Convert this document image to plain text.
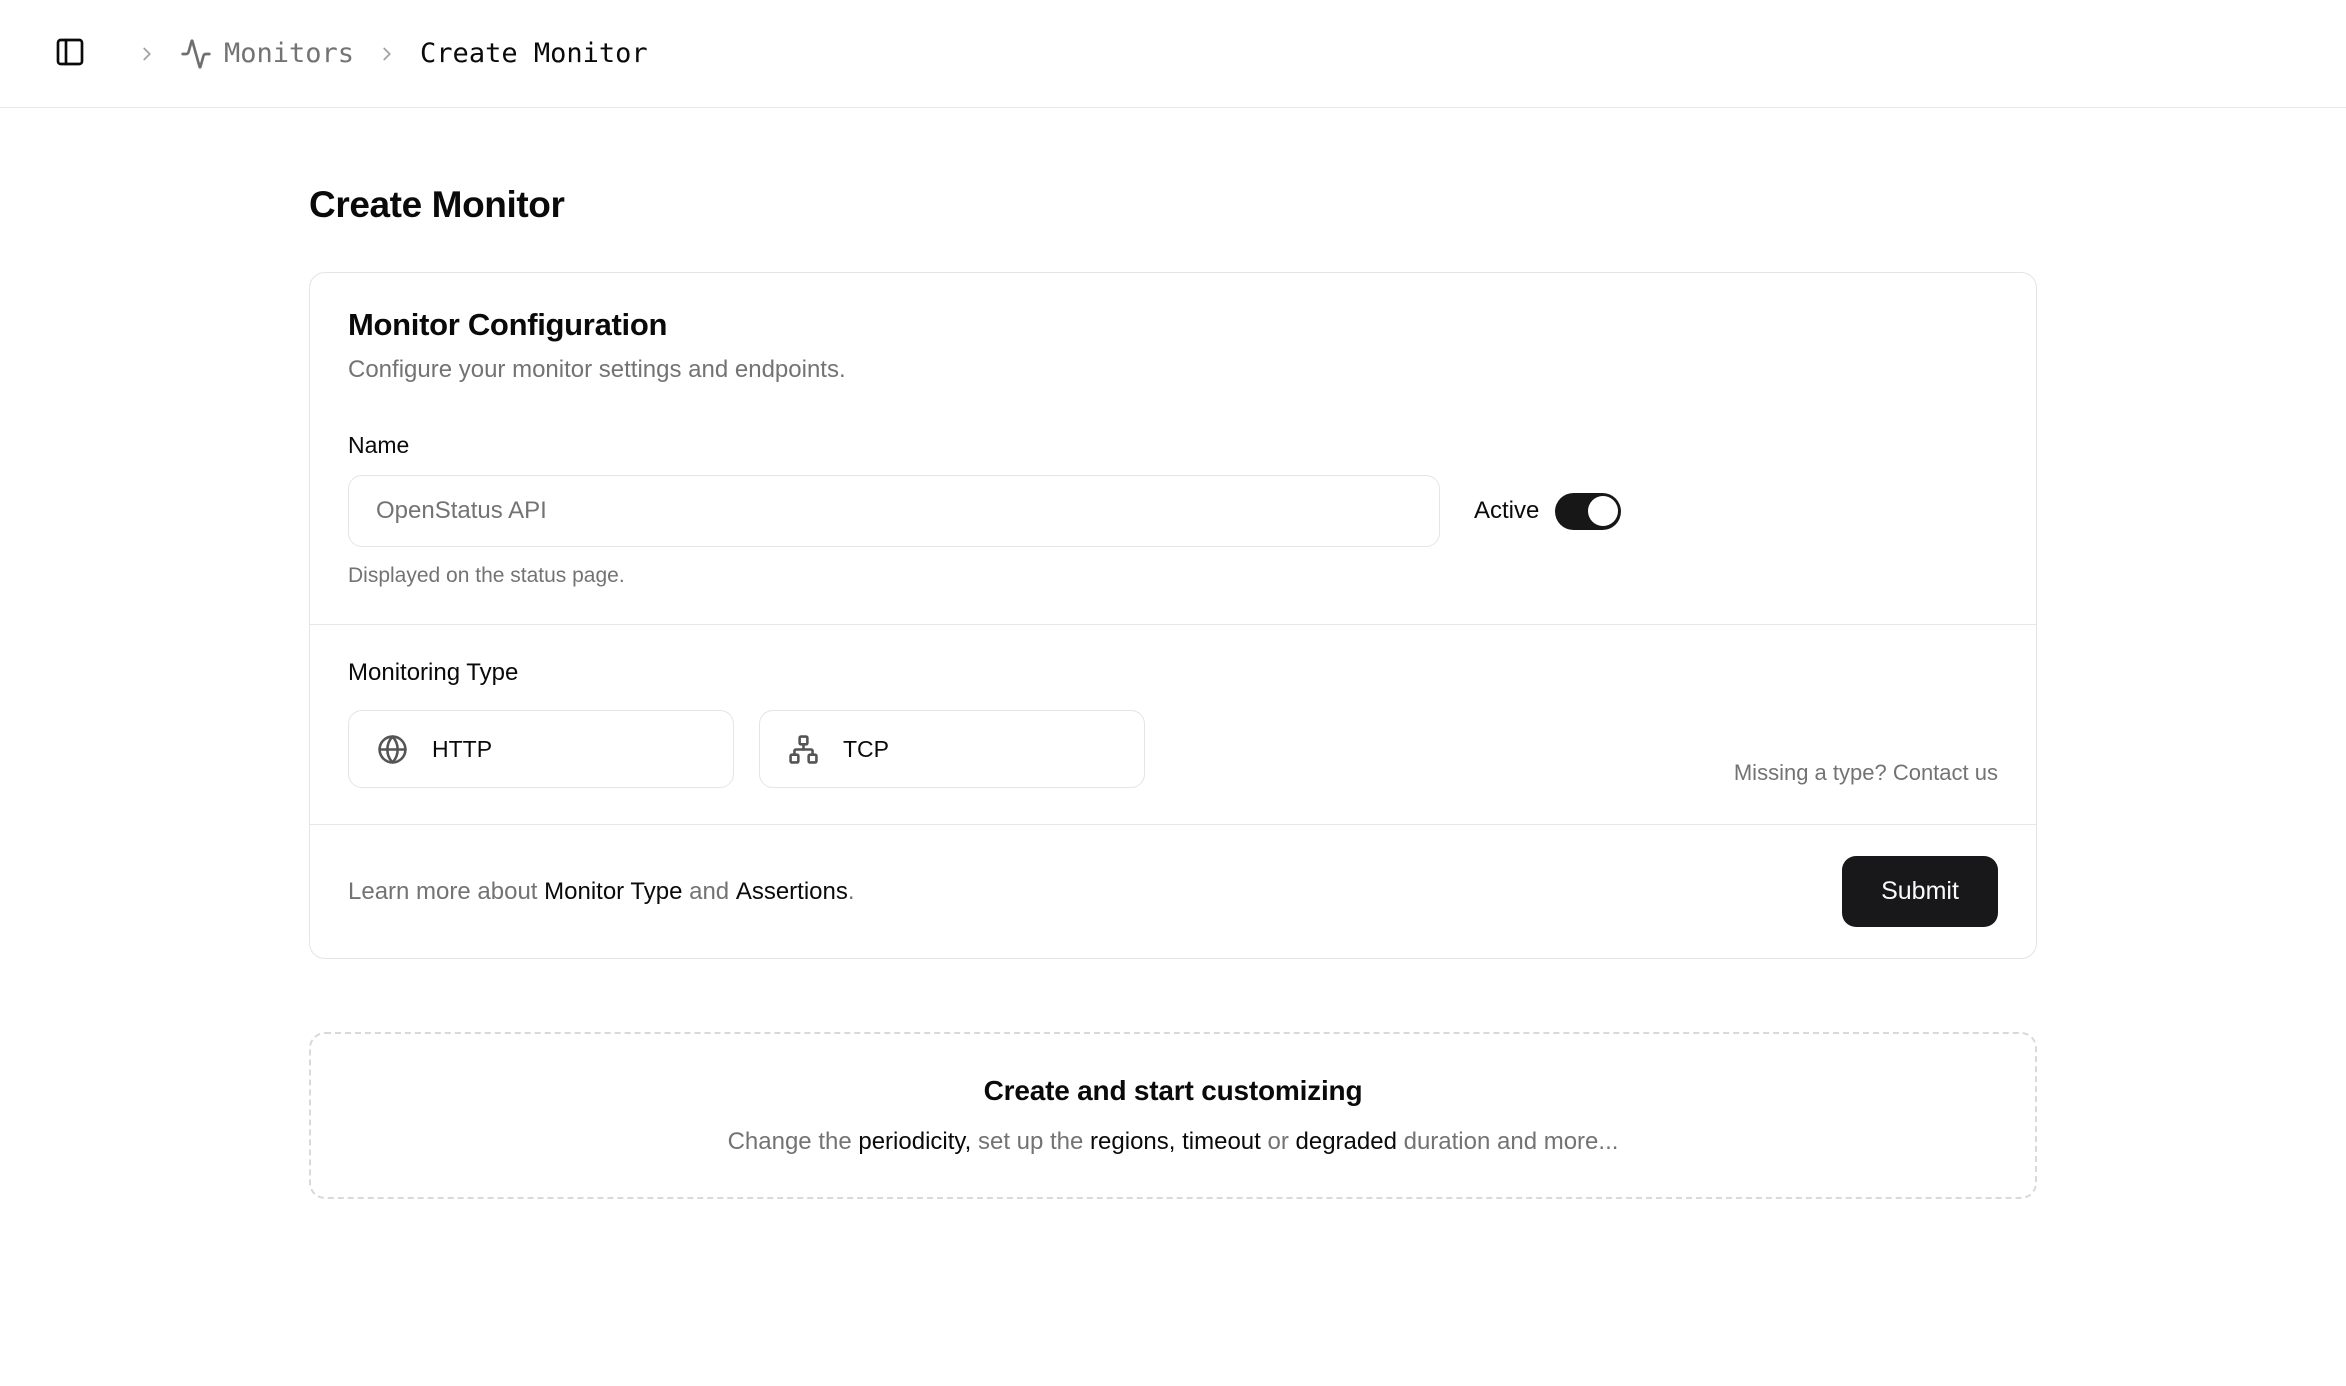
Monitors Create Monitor
Create Monitor
Monitor Configuration

Configure your monitor settings and endpoints.

Name
OpenStatus API
Active

Displayed on the status page.

Monitoring Type
HTTP	TCP

Missing a type? Contact us

Learn more about Monitor Type and Assertions.	Submit
Create and start customizing

Change the periodicity, set up the regions, timeout or degraded duration and more...
